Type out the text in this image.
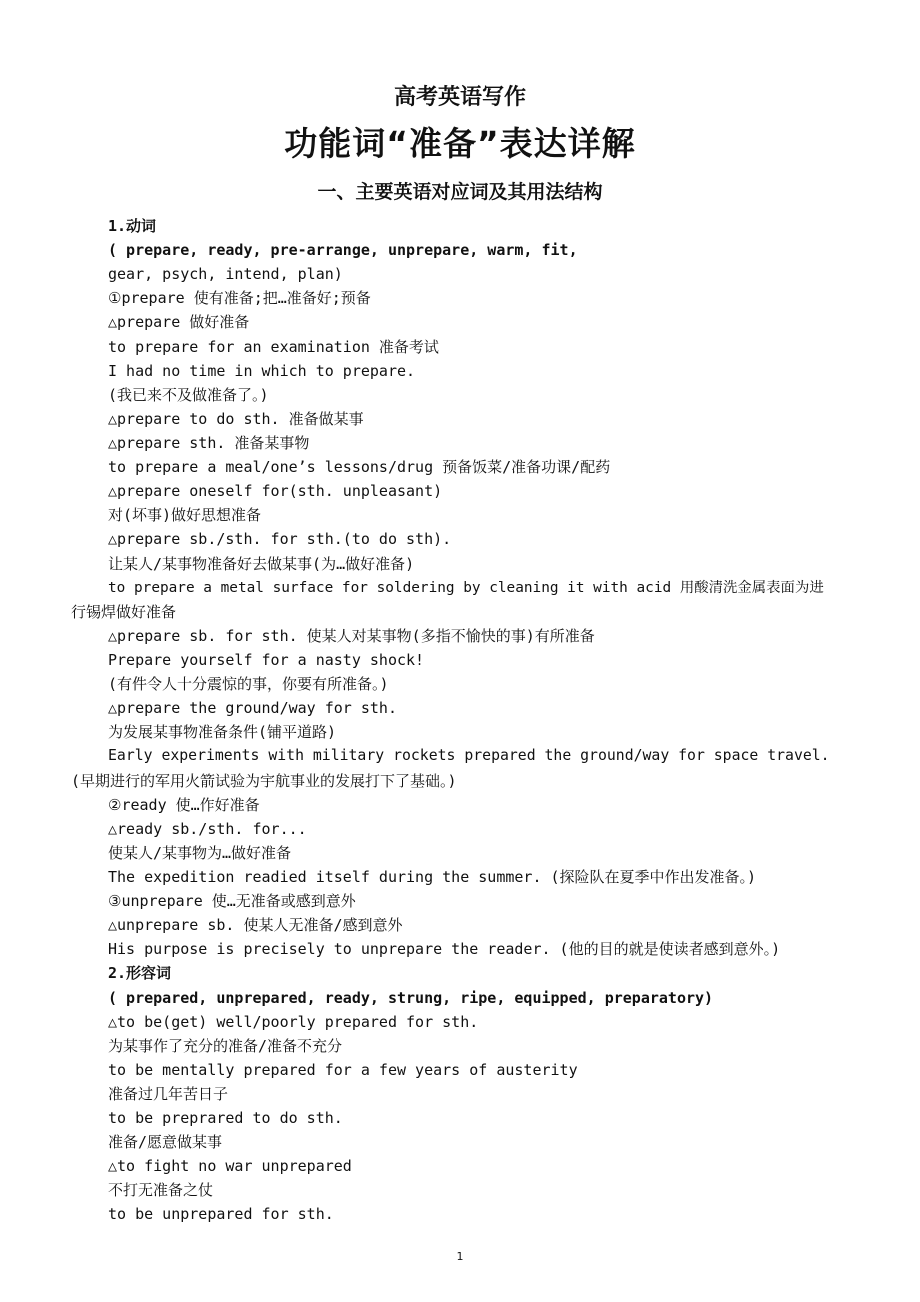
高考英语写作
功能词“准备”表达详解
一、主要英语对应词及其用法结构
1.动词
( prepare, ready, pre-arrange, unprepare, warm, fit,
gear, psych, intend, plan)
①prepare 使有准备;把…准备好;预备
△prepare 做好准备
to prepare for an examination 准备考试
I had no time in which to prepare.
(我已来不及做准备了。)
△prepare to do sth. 准备做某事
△prepare sth. 准备某事物
to prepare a meal/one’s lessons/drug 预备饭菜/准备功课/配药
△prepare oneself for(sth. unpleasant)
对(坏事)做好思想准备
△prepare sb./sth. for sth.(to do sth).
让某人/某事物准备好去做某事(为…做好准备)
to prepare a metal surface for soldering by cleaning it with acid 用酸清洗金属表面为进
行锡焊做好准备
△prepare sb. for sth. 使某人对某事物(多指不愉快的事)有所准备
Prepare yourself for a nasty shock!
(有件令人十分震惊的事，你要有所准备。)
△prepare the ground/way for sth.
为发展某事物准备条件(铺平道路)
Early experiments with military rockets prepared the ground/way for space travel.
(早期进行的军用火箭试验为宇航事业的发展打下了基础。)
②ready 使…作好准备
△ready sb./sth. for...
使某人/某事物为…做好准备
The expedition readied itself during the summer. (探险队在夏季中作出发准备。)
③unprepare 使…无准备或感到意外
△unprepare sb. 使某人无准备/感到意外
His purpose is precisely to unprepare the reader. (他的目的就是使读者感到意外。)
2.形容词
( prepared, unprepared, ready, strung, ripe, equipped, preparatory)
△to be(get) well/poorly prepared for sth.
为某事作了充分的准备/准备不充分
to be mentally prepared for a few years of austerity
准备过几年苦日子
to be preprared to do sth.
准备/愿意做某事
△to fight no war unprepared
不打无准备之仗
to be unprepared for sth.
1
